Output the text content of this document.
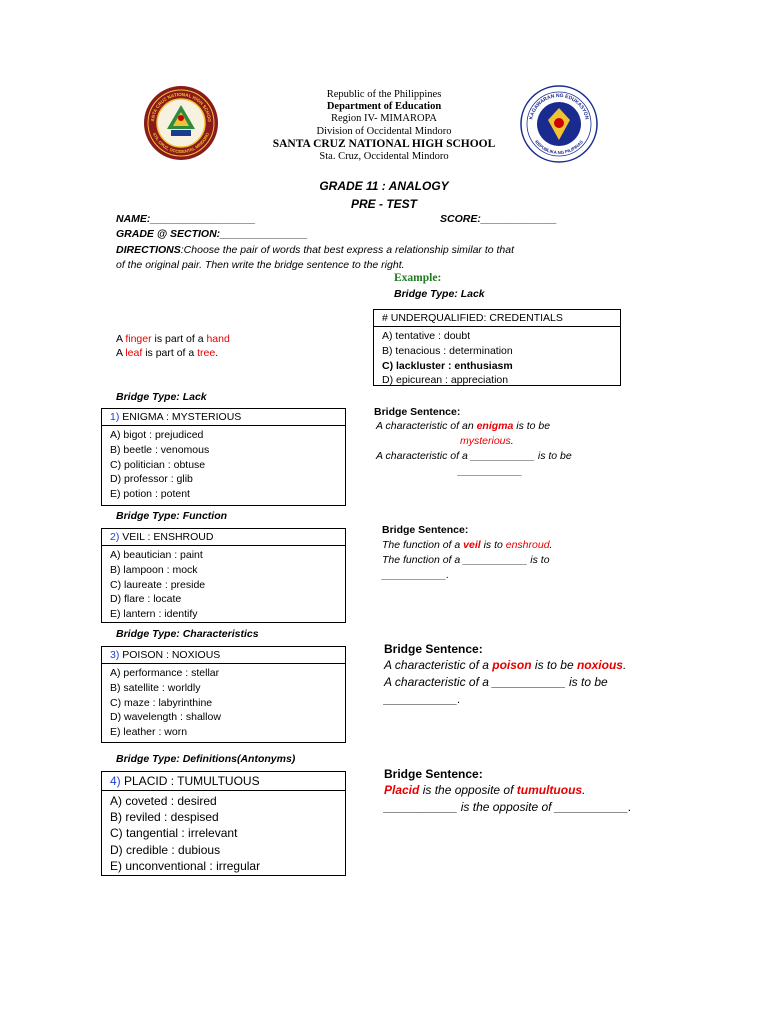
ANTA CRUZ NATIONAL HIGH SCHOO
STA. CRUZ, OCCIDENTAL MINDORO
KAGAWARAN NG EDUKASYON
REPUBLIKA NG PILIPINAS
Republic of the Philippines
Department of Education
Region IV- MIMAROPA
Division of Occidental Mindoro
SANTA CRUZ NATIONAL HIGH SCHOOL
Sta. Cruz, Occidental Mindoro
GRADE 11 : ANALOGY
PRE - TEST
NAME:__________________	SCORE:_____________
GRADE @ SECTION:_______________
DIRECTIONS:Choose the pair of words that best express a relationship similar to that
of the original pair. Then write the bridge sentence to the right.
Example:
Bridge Type: Lack
A finger is part of a hand
A leaf is part of a tree.
# UNDERQUALIFIED: CREDENTIALS
A) tentative : doubt
B) tenacious : determination
C) lackluster : enthusiasm
D) epicurean : appreciation
Bridge Type: Lack
1) ENIGMA : MYSTERIOUS
A) bigot : prejudiced
B) beetle : venomous
C) politician : obtuse
D) professor : glib
E) potion : potent
Bridge Sentence:
A characteristic of an enigma is to be
mysterious.
A characteristic of a ___________ is to be
___________
Bridge Type: Function
2) VEIL : ENSHROUD
A) beautician : paint
B) lampoon : mock
C) laureate : preside
D) flare : locate
E) lantern : identify
Bridge Sentence:
The function of a veil is to enshroud.
The function of a ___________ is to
___________.
Bridge Type: Characteristics
3) POISON : NOXIOUS
A) performance : stellar
B) satellite : worldly
C) maze : labyrinthine
D) wavelength : shallow
E) leather : worn
Bridge Sentence:
A characteristic of a poison is to be noxious.
A characteristic of a ___________ is to be
___________.
Bridge Type: Definitions(Antonyms)
4) PLACID : TUMULTUOUS
A) coveted : desired
B) reviled : despised
C) tangential : irrelevant
D) credible : dubious
E) unconventional : irregular
Bridge Sentence:
Placid is the opposite of tumultuous.
___________ is the opposite of ___________.
